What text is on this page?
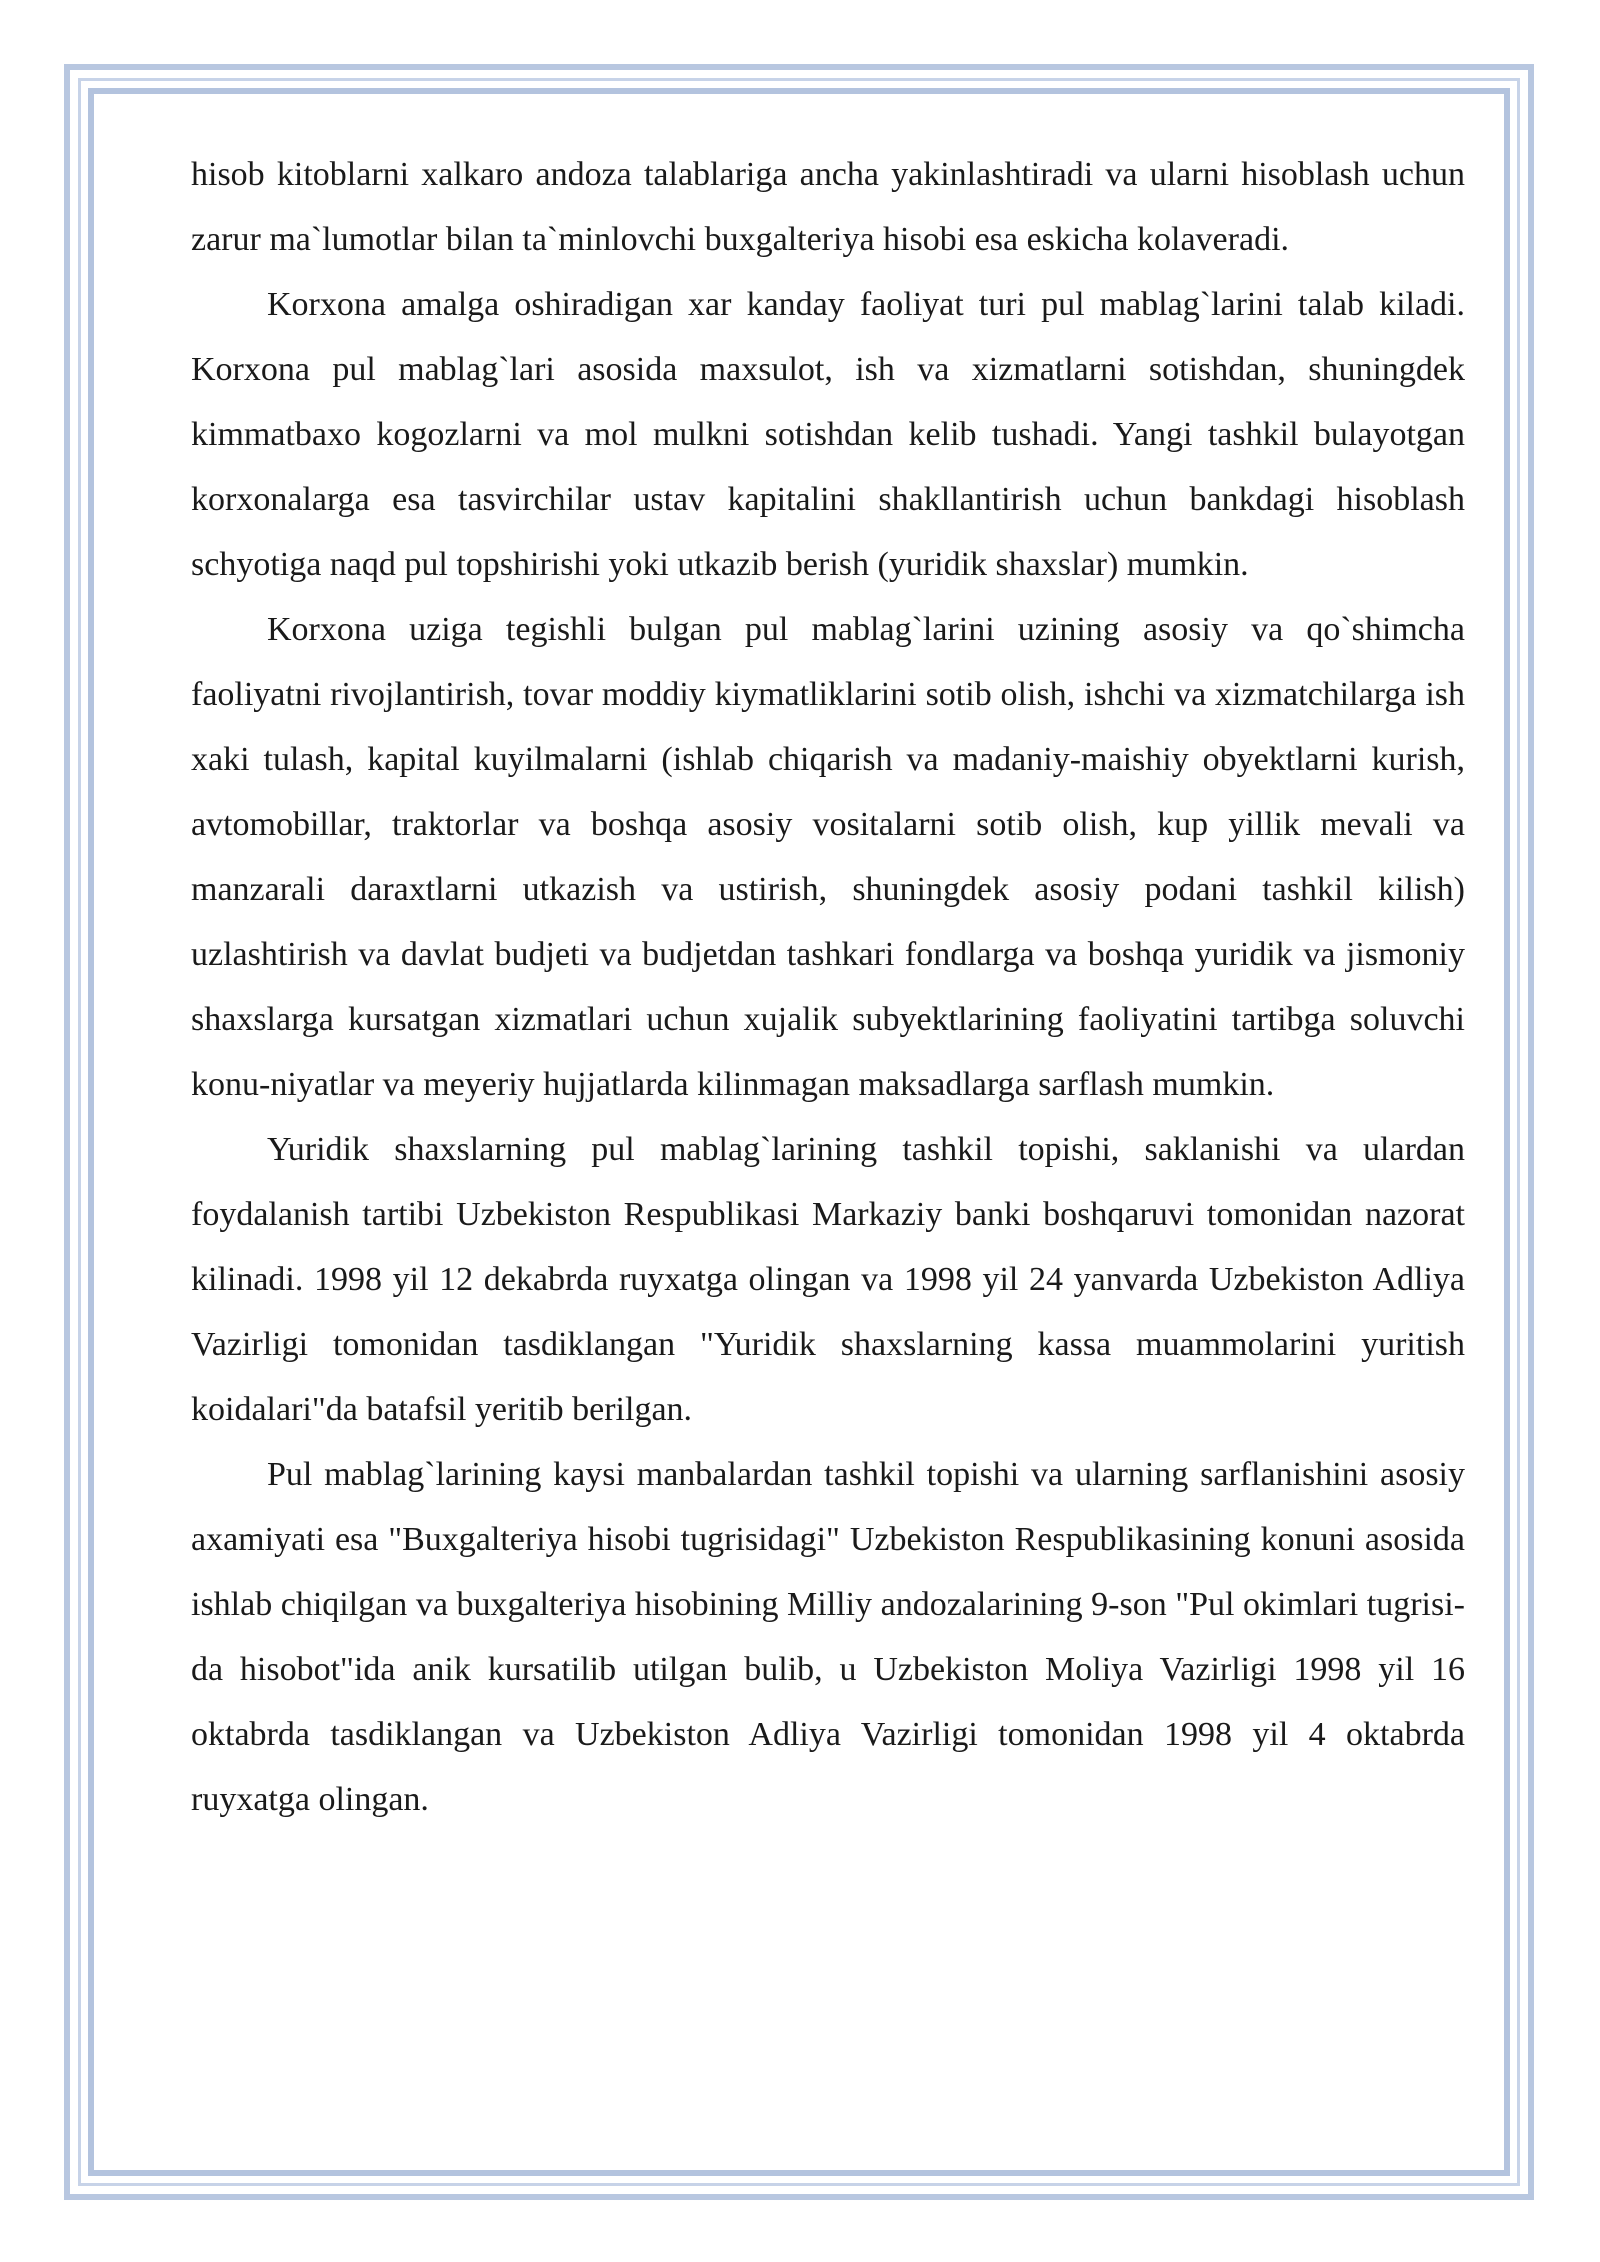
hisob kitoblarni xalkaro andoza talablariga ancha yakinlashtiradi va ularni hisoblash uchun zarur ma`lumotlar bilan ta`minlovchi buxgalteriya hisobi esa eskicha kolaveradi.

Korxona amalga oshiradigan xar kanday faoliyat turi pul mablag`larini talab kiladi. Korxona pul mablag`lari asosida maxsulot, ish va xizmatlarni sotishdan, shuningdek kimmatbaxo kogozlarni va mol mulkni sotishdan kelib tushadi. Yangi tashkil bulayotgan korxonalarga esa tasvirchilar ustav kapitalini shakllantirish uchun bankdagi hisoblash schyotiga naqd pul topshirishi yoki utkazib berish (yuridik shaxslar) mumkin.

Korxona uziga tegishli bulgan pul mablag`larini uzining asosiy va qo`shimcha faoliyatni rivojlantirish, tovar moddiy kiymatliklarini sotib olish, ishchi va xizmatchilarga ish xaki tulash, kapital kuyilmalarni (ishlab chiqarish va madaniy-maishiy obyektlarni kurish, avtomobillar, traktorlar va boshqa asosiy vositalarni sotib olish, kup yillik mevali va manzarali daraxtlarni utkazish va ustirish, shuningdek asosiy podani tashkil kilish) uzlashtirish va davlat budjeti va budjetdan tashkari fondlarga va boshqa yuridik va jismoniy shaxslarga kursatgan xizmatlari uchun xujalik subyektlarining faoliyatini tartibga soluvchi konu-niyatlar va meyeriy hujjatlarda kilinmagan maksadlarga sarflash mumkin.

Yuridik shaxslarning pul mablag`larining tashkil topishi, saklanishi va ulardan foydalanish tartibi Uzbekiston Respublikasi Markaziy banki boshqaruvi tomonidan nazorat kilinadi. 1998 yil 12 dekabrda ruyxatga olingan va 1998 yil 24 yanvarda Uzbekiston Adliya Vazirligi tomonidan tasdiklangan "Yuridik shaxslarning kassa muammolarini yuritish koidalari"da batafsil yeritib berilgan.

Pul mablag`larining kaysi manbalardan tashkil topishi va ularning sarflanishini asosiy axamiyati esa "Buxgalteriya hisobi tugrisidagi" Uzbekiston Respublikasining konuni asosida ishlab chiqilgan va buxgalteriya hisobining Milliy andozalarining 9-son "Pul okimlari tugrisi-da hisobot"ida anik kursatilib utilgan bulib, u Uzbekiston Moliya Vazirligi 1998 yil 16 oktabrda tasdiklangan va Uzbekiston Adliya Vazirligi tomonidan 1998 yil 4 oktabrda ruyxatga olingan.
